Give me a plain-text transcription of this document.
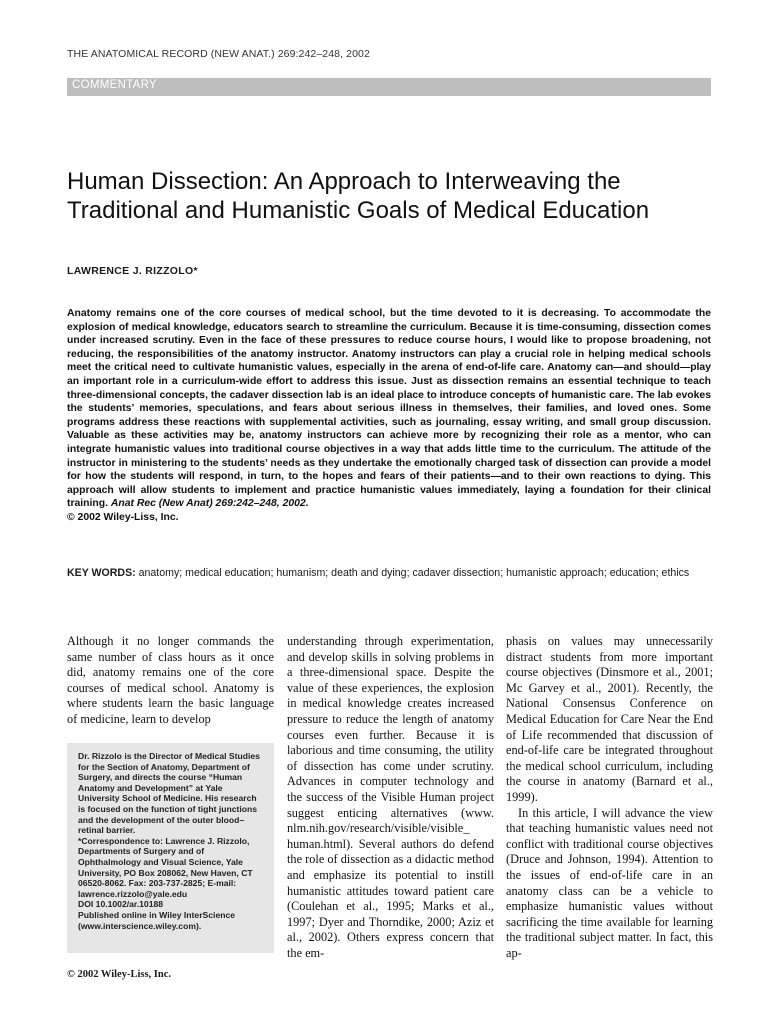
THE ANATOMICAL RECORD (NEW ANAT.) 269:242–248, 2002
COMMENTARY
Human Dissection: An Approach to Interweaving the Traditional and Humanistic Goals of Medical Education
LAWRENCE J. RIZZOLO*
Anatomy remains one of the core courses of medical school, but the time devoted to it is decreasing. To accommodate the explosion of medical knowledge, educators search to streamline the curriculum. Because it is time-consuming, dissection comes under increased scrutiny. Even in the face of these pressures to reduce course hours, I would like to propose broadening, not reducing, the responsibilities of the anatomy instructor. Anatomy instructors can play a crucial role in helping medical schools meet the critical need to cultivate humanistic values, especially in the arena of end-of-life care. Anatomy can—and should—play an important role in a curriculum-wide effort to address this issue. Just as dissection remains an essential technique to teach three-dimensional concepts, the cadaver dissection lab is an ideal place to introduce concepts of humanistic care. The lab evokes the students’ memories, speculations, and fears about serious illness in themselves, their families, and loved ones. Some programs address these reactions with supplemental activities, such as journaling, essay writing, and small group discussion. Valuable as these activities may be, anatomy instructors can achieve more by recognizing their role as a mentor, who can integrate humanistic values into traditional course objectives in a way that adds little time to the curriculum. The attitude of the instructor in ministering to the students’ needs as they undertake the emotionally charged task of dissection can provide a model for how the students will respond, in turn, to the hopes and fears of their patients—and to their own reactions to dying. This approach will allow students to implement and practice humanistic values immediately, laying a foundation for their clinical training. Anat Rec (New Anat) 269:242–248, 2002.
© 2002 Wiley-Liss, Inc.
KEY WORDS: anatomy; medical education; humanism; death and dying; cadaver dissection; humanistic approach; education; ethics

Although it no longer commands the same number of class hours as it once did, anatomy remains one of the core courses of medical school. Anatomy is where students learn the basic language of medicine, learn to develop

Dr. Rizzolo is the Director of Medical Studies for the Section of Anatomy, Department of Surgery, and directs the course “Human Anatomy and Development” at Yale University School of Medicine. His research is focused on the function of tight junctions and the development of the outer blood–retinal barrier.
*Correspondence to: Lawrence J. Rizzolo, Departments of Surgery and of Ophthalmology and Visual Science, Yale University, PO Box 208062, New Haven, CT 06520-8062. Fax: 203-737-2825; E-mail: lawrence.rizzolo@yale.edu
DOI 10.1002/ar.10188
Published online in Wiley InterScience (www.interscience.wiley.com).

understanding through experimentation, and develop skills in solving problems in a three-dimensional space. Despite the value of these experiences, the explosion in medical knowledge creates increased pressure to reduce the length of anatomy courses even further. Because it is laborious and time consuming, the utility of dissection has come under scrutiny. Advances in computer technology and the success of the Visible Human project suggest enticing alternatives (www. nlm.nih.gov/research/visible/visible_ human.html). Several authors do defend the role of dissection as a didactic method and emphasize its potential to instill humanistic attitudes toward patient care (Coulehan et al., 1995; Marks et al., 1997; Dyer and Thorndike, 2000; Aziz et al., 2002). Others express concern that the em-

phasis on values may unnecessarily distract students from more important course objectives (Dinsmore et al., 2001; Mc Garvey et al., 2001). Recently, the National Consensus Conference on Medical Education for Care Near the End of Life recommended that discussion of end-of-life care be integrated throughout the medical school curriculum, including the course in anatomy (Barnard et al., 1999).

In this article, I will advance the view that teaching humanistic values need not conflict with traditional course objectives (Druce and Johnson, 1994). Attention to the issues of end-of-life care in an anatomy class can be a vehicle to emphasize humanistic values without sacrificing the time available for learning the traditional subject matter. In fact, this ap-

© 2002 Wiley-Liss, Inc.
